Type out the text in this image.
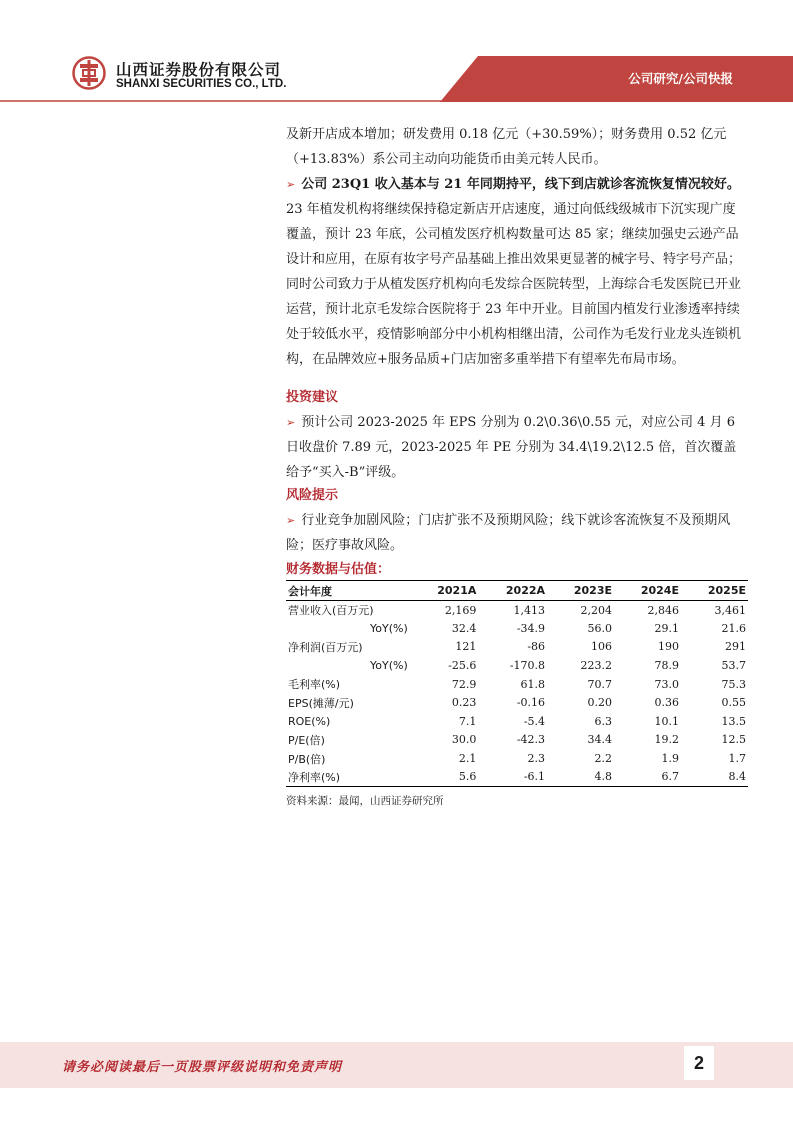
山西证券股份有限公司
SHANXI SECURITIES CO., LTD.	公司研究/公司快报

及新开店成本增加；研发费用 0.18 亿元（+30.59%）；财务费用 0.52 亿元（+13.83%）系公司主动向功能货币由美元转人民币。

➢ 公司 23Q1 收入基本与 21 年同期持平，线下到店就诊客流恢复情况较好。23 年植发机构将继续保持稳定新店开店速度，通过向低线级城市下沉实现广度覆盖，预计 23 年底，公司植发医疗机构数量可达 85 家；继续加强史云逊产品设计和应用，在原有妆字号产品基础上推出效果更显著的械字号、特字号产品；同时公司致力于从植发医疗机构向毛发综合医院转型，上海综合毛发医院已开业运营，预计北京毛发综合医院将于 23 年中开业。目前国内植发行业渗透率持续处于较低水平，疫情影响部分中小机构相继出清，公司作为毛发行业龙头连锁机构，在品牌效应+服务品质+门店加密多重举措下有望率先布局市场。

投资建议

➢ 预计公司 2023-2025 年 EPS 分别为 0.2\0.36\0.55 元，对应公司 4 月 6 日收盘价 7.89 元，2023-2025 年 PE 分别为 34.4\19.2\12.5 倍，首次覆盖给予“买入-B”评级。

风险提示

➢ 行业竞争加剧风险；门店扩张不及预期风险；线下就诊客流恢复不及预期风险；医疗事故风险。

财务数据与估值：
会计年度	2021A	2022A	2023E	2024E	2025E
营业收入(百万元)	2,169	1,413	2,204	2,846	3,461
YoY(%)	32.4	-34.9	56.0	29.1	21.6
净利润(百万元)	121	-86	106	190	291
YoY(%)	-25.6	-170.8	223.2	78.9	53.7
毛利率(%)	72.9	61.8	70.7	73.0	75.3
EPS(摊薄/元)	0.23	-0.16	0.20	0.36	0.55
ROE(%)	7.1	-5.4	6.3	10.1	13.5
P/E(倍)	30.0	-42.3	34.4	19.2	12.5
P/B(倍)	2.1	2.3	2.2	1.9	1.7
净利率(%)	5.6	-6.1	4.8	6.7	8.4
资料来源：最闻，山西证券研究所
请务必阅读最后一页股票评级说明和免责声明	2
